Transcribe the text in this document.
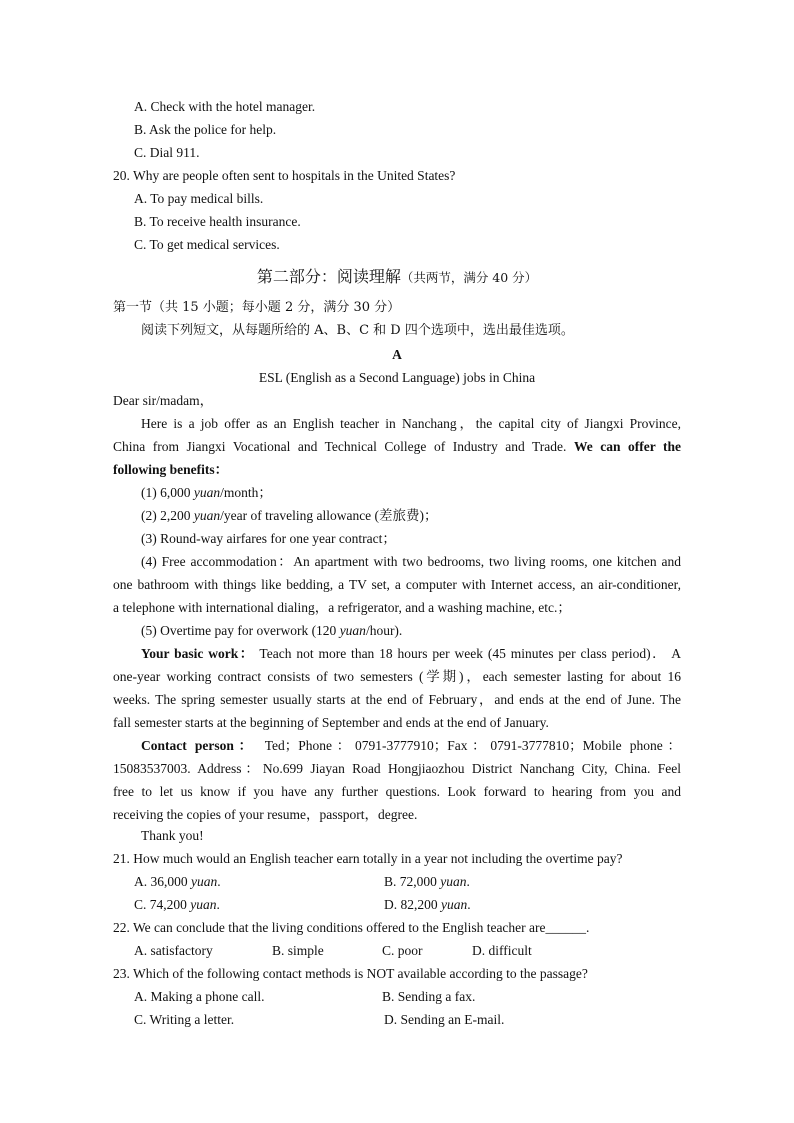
A. Check with the hotel manager.
B. Ask the police for help.
C. Dial 911.
20. Why are people often sent to hospitals in the United States?
A. To pay medical bills.
B. To receive health insurance.
C. To get medical services.
第二部分：阅读理解（共两节，满分 40 分）
第一节（共 15 小题；每小题 2 分，满分 30 分）
阅读下列短文，从每题所给的 A、B、C 和 D 四个选项中，选出最佳选项。
A
ESL (English as a Second Language) jobs in China
Dear sir/madam，
Here is a job offer as an English teacher in Nanchang，the capital city of Jiangxi Province,
China from Jiangxi Vocational and Technical College of Industry and Trade. We can offer the
following benefits：
(1) 6,000 yuan/month；
(2) 2,200 yuan/year of traveling allowance (差旅费)；
(3) Round-way airfares for one year contract；
(4) Free accommodation：An apartment with two bedrooms, two living rooms, one kitchen and
one bathroom with things like bedding, a TV set, a computer with Internet access, an air-conditioner,
a telephone with international dialing，a refrigerator, and a washing machine, etc.；
(5) Overtime pay for overwork (120 yuan/hour).
Your basic work： Teach not more than 18 hours per week (45 minutes per class period)． A
one-year working contract consists of two semesters (学期)，each semester lasting for about 16
weeks. The spring semester usually starts at the end of February，and ends at the end of June. The
fall semester starts at the beginning of September and ends at the end of January.
Contact person： Ted；Phone：0791-3777910；Fax：0791-3777810；Mobile phone：
15083537003. Address：No.699 Jiayan Road Hongjiaozhou District Nanchang City, China. Feel
free to let us know if you have any further questions. Look forward to hearing from you and
receiving the copies of your resume，passport，degree.
Thank you!
21. How much would an English teacher earn totally in a year not including the overtime pay?
A. 36,000 yuan.	B. 72,000 yuan.
C. 74,200 yuan.	D. 82,200 yuan.
22. We can conclude that the living conditions offered to the English teacher are______.
A. satisfactory	B. simple	C. poor	D. difficult
23. Which of the following contact methods is NOT available according to the passage?
A. Making a phone call.	B. Sending a fax.
C. Writing a letter.	D. Sending an E-mail.
